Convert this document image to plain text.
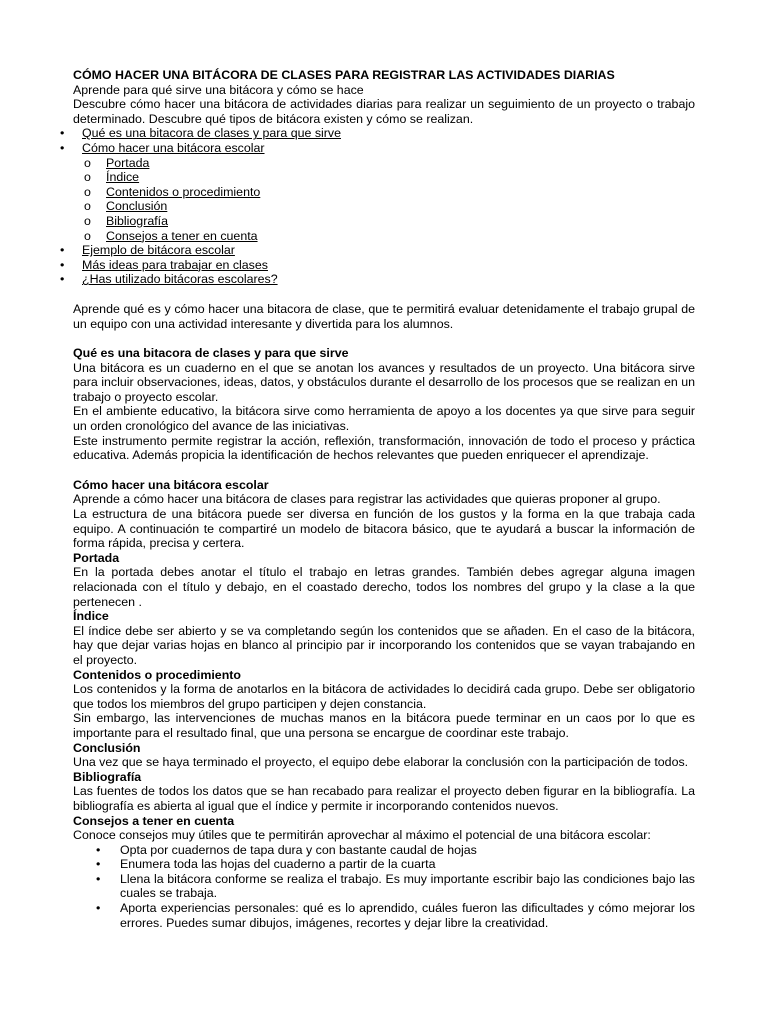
CÓMO HACER UNA BITÁCORA DE CLASES PARA REGISTRAR LAS ACTIVIDADES DIARIAS

Aprende para qué sirve una bitácora y cómo se hace

Descubre cómo hacer una bitácora de actividades diarias para realizar un seguimiento de un proyecto o trabajo determinado. Descubre qué tipos de bitácora existen y cómo se realizan.

• Qué es una bitacora de clases y para que sirve
• Cómo hacer una bitácora escolar
o Portada
o Índice
o Contenidos o procedimiento
o Conclusión
o Bibliografía
o Consejos a tener en cuenta
• Ejemplo de bitácora escolar
• Más ideas para trabajar en clases
• ¿Has utilizado bitácoras escolares?

Aprende qué es y cómo hacer una bitacora de clase, que te permitirá evaluar detenidamente el trabajo grupal de un equipo con una actividad interesante y divertida para los alumnos.

Qué es una bitacora de clases y para que sirve

Una bitácora es un cuaderno en el que se anotan los avances y resultados de un proyecto. Una bitácora sirve para incluir observaciones, ideas, datos, y obstáculos durante el desarrollo de los procesos que se realizan en un trabajo o proyecto escolar.

En el ambiente educativo, la bitácora sirve como herramienta de apoyo a los docentes ya que sirve para seguir un orden cronológico del avance de las iniciativas.

Este instrumento permite registrar la acción, reflexión, transformación, innovación de todo el proceso y práctica educativa. Además propicia la identificación de hechos relevantes que pueden enriquecer el aprendizaje.

Cómo hacer una bitácora escolar

Aprende a cómo hacer una bitácora de clases para registrar las actividades que quieras proponer al grupo.

La estructura de una bitácora puede ser diversa en función de los gustos y la forma en la que trabaja cada equipo. A continuación te compartiré un modelo de bitacora básico, que te ayudará a buscar la información de forma rápida, precisa y certera.

Portada

En la portada debes anotar el título el trabajo en letras grandes. También debes agregar alguna imagen relacionada con el título y debajo, en el coastado derecho, todos los nombres del grupo y la clase a la que pertenecen .

Índice

El índice debe ser abierto y se va completando según los contenidos que se añaden. En el caso de la bitácora, hay que dejar varias hojas en blanco al principio par ir incorporando los contenidos que se vayan trabajando en el proyecto.

Contenidos o procedimiento

Los contenidos y la forma de anotarlos en la bitácora de actividades lo decidirá cada grupo. Debe ser obligatorio que todos los miembros del grupo participen y dejen constancia.

Sin embargo, las intervenciones de muchas manos en la bitácora puede terminar en un caos por lo que es importante para el resultado final, que una persona se encargue de coordinar este trabajo.

Conclusión

Una vez que se haya terminado el proyecto, el equipo debe elaborar la conclusión con la participación de todos.

Bibliografía

Las fuentes de todos los datos que se han recabado para realizar el proyecto deben figurar en la bibliografía. La bibliografía es abierta al igual que el índice y permite ir incorporando contenidos nuevos.

Consejos a tener en cuenta

Conoce consejos muy útiles que te permitirán aprovechar al máximo el potencial de una bitácora escolar:

• Opta por cuadernos de tapa dura y con bastante caudal de hojas
• Enumera toda las hojas del cuaderno a partir de la cuarta
• Llena la bitácora conforme se realiza el trabajo. Es muy importante escribir bajo las condiciones bajo las cuales se trabaja.
• Aporta experiencias personales: qué es lo aprendido, cuáles fueron las dificultades y cómo mejorar los errores. Puedes sumar dibujos, imágenes, recortes y dejar libre la creatividad.
